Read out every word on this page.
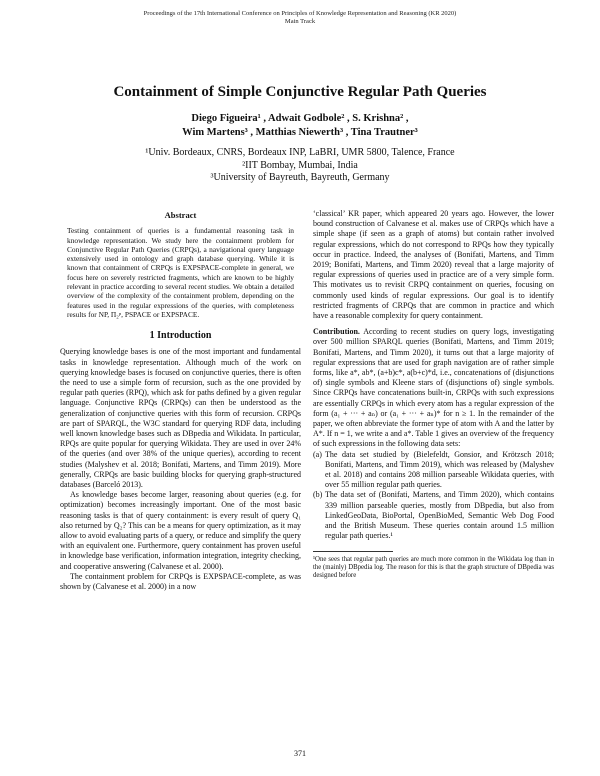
Proceedings of the 17th International Conference on Principles of Knowledge Representation and Reasoning (KR 2020)
Main Track
Containment of Simple Conjunctive Regular Path Queries
Diego Figueira¹ , Adwait Godbole² , S. Krishna² ,
Wim Martens³ , Matthias Niewerth³ , Tina Trautner³
¹Univ. Bordeaux, CNRS, Bordeaux INP, LaBRI, UMR 5800, Talence, France
²IIT Bombay, Mumbai, India
³University of Bayreuth, Bayreuth, Germany
Abstract

Testing containment of queries is a fundamental reasoning task in knowledge representation. We study here the containment problem for Conjunctive Regular Path Queries (CRPQs), a navigational query language extensively used in ontology and graph database querying. While it is known that containment of CRPQs is EXPSPACE-complete in general, we focus here on severely restricted fragments, which are known to be highly relevant in practice according to several recent studies. We obtain a detailed overview of the complexity of the containment problem, depending on the features used in the regular expressions of the queries, with completeness results for NP, Π₂ᵖ, PSPACE or EXPSPACE.

1 Introduction

Querying knowledge bases is one of the most important and fundamental tasks in knowledge representation. Although much of the work on querying knowledge bases is focused on conjunctive queries, there is often the need to use a simple form of recursion, such as the one provided by regular path queries (RPQ), which ask for paths defined by a given regular language. Conjunctive RPQs (CRPQs) can then be understood as the generalization of conjunctive queries with this form of recursion. CRPQs are part of SPARQL, the W3C standard for querying RDF data, including well known knowledge bases such as DBpedia and Wikidata. In particular, RPQs are quite popular for querying Wikidata. They are used in over 24% of the queries (and over 38% of the unique queries), according to recent studies (Malyshev et al. 2018; Bonifati, Martens, and Timm 2019). More generally, CRPQs are basic building blocks for querying graph-structured databases (Barceló 2013).

As knowledge bases become larger, reasoning about queries (e.g. for optimization) becomes increasingly important. One of the most basic reasoning tasks is that of query containment: is every result of query Q₁ also returned by Q₂? This can be a means for query optimization, as it may allow to avoid evaluating parts of a query, or reduce and simplify the query with an equivalent one. Furthermore, query containment has proven useful in knowledge base verification, information integration, integrity checking, and cooperative answering (Calvanese et al. 2000).

The containment problem for CRPQs is EXPSPACE-complete, as was shown by (Calvanese et al. 2000) in a now

‘classical’ KR paper, which appeared 20 years ago. However, the lower bound construction of Calvanese et al. makes use of CRPQs which have a simple shape (if seen as a graph of atoms) but contain rather involved regular expressions, which do not correspond to RPQs how they typically occur in practice. Indeed, the analyses of (Bonifati, Martens, and Timm 2019; Bonifati, Martens, and Timm 2020) reveal that a large majority of regular expressions of queries used in practice are of a very simple form. This motivates us to revisit CRPQ containment on queries, focusing on commonly used kinds of regular expressions. Our goal is to identify restricted fragments of CRPQs that are common in practice and which have a reasonable complexity for query containment.

Contribution. According to recent studies on query logs, investigating over 500 million SPARQL queries (Bonifati, Martens, and Timm 2019; Bonifati, Martens, and Timm 2020), it turns out that a large majority of regular expressions that are used for graph navigation are of rather simple forms, like a*, ab*, (a+b)c*, a(b+c)*d, i.e., concatenations of (disjunctions of) single symbols and Kleene stars of (disjunctions of) single symbols. Since CRPQs have concatenations built-in, CRPQs with such expressions are essentially CRPQs in which every atom has a regular expression of the form (a₁ + ··· + aₙ) or (a₁ + ··· + aₙ)* for n ≥ 1. In the remainder of the paper, we often abbreviate the former type of atom with A and the latter by A*. If n = 1, we write a and a*. Table 1 gives an overview of the frequency of such expressions in the following data sets:

(a) The data set studied by (Bielefeldt, Gonsior, and Krötzsch 2018; Bonifati, Martens, and Timm 2019), which was released by (Malyshev et al. 2018) and contains 208 million parseable Wikidata queries, with over 55 million regular path queries.
(b) The data set of (Bonifati, Martens, and Timm 2020), which contains 339 million parseable queries, mostly from DBpedia, but also from LinkedGeoData, BioPortal, OpenBioMed, Semantic Web Dog Food and the British Museum. These queries contain around 1.5 million regular path queries.¹

¹One sees that regular path queries are much more common in the Wikidata log than in the (mainly) DBpedia log. The reason for this is that the graph structure of DBpedia was designed before

371
